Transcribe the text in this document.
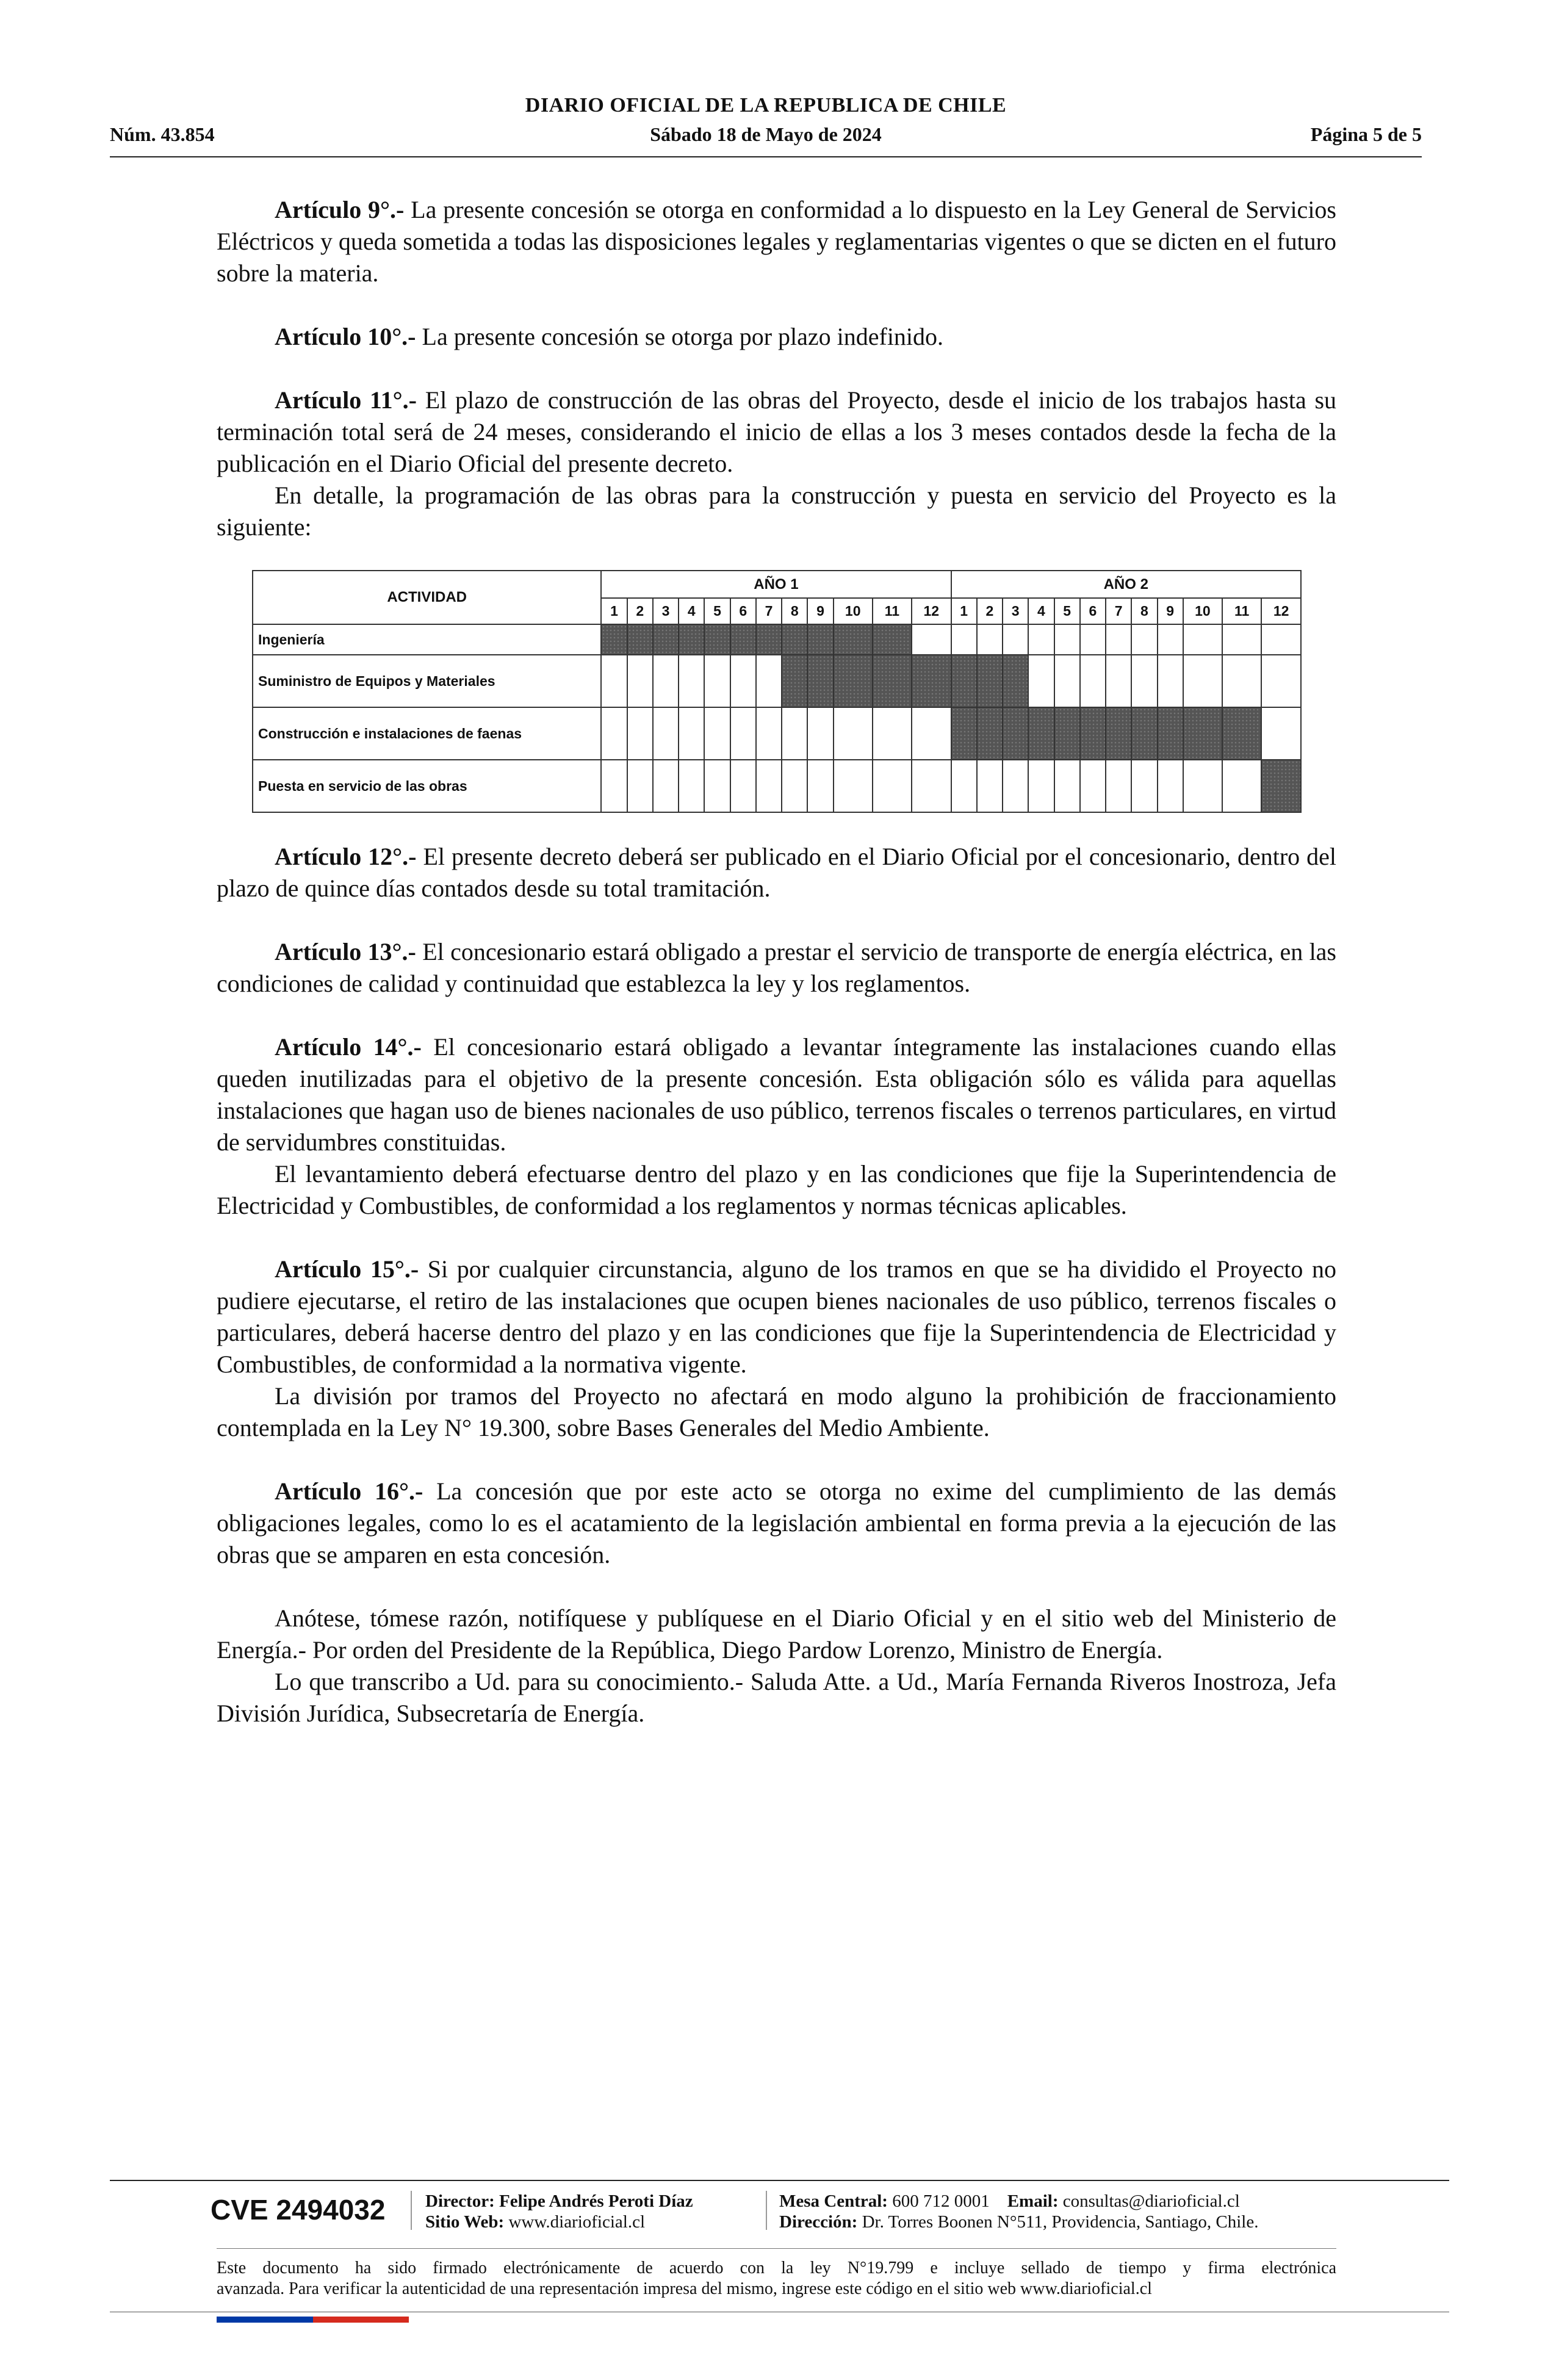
Núm. 43.854
DIARIO OFICIAL DE LA REPUBLICA DE CHILE
Sábado 18 de Mayo de 2024	Página 5 de 5

Artículo 9°.- La presente concesión se otorga en conformidad a lo dispuesto en la Ley General de Servicios Eléctricos y queda sometida a todas las disposiciones legales y reglamentarias vigentes o que se dicten en el futuro sobre la materia.

Artículo 10°.- La presente concesión se otorga por plazo indefinido.

Artículo 11°.- El plazo de construcción de las obras del Proyecto, desde el inicio de los trabajos hasta su terminación total será de 24 meses, considerando el inicio de ellas a los 3 meses contados desde la fecha de la publicación en el Diario Oficial del presente decreto.

En detalle, la programación de las obras para la construcción y puesta en servicio del Proyecto es la siguiente:

ACTIVIDAD	AÑO 1												AÑO 2											
	1	2	3	4	5	6	7	8	9	10	11	12	1	2	3	4	5	6	7	8	9	10	11	12
Ingeniería																								
Suministro de Equipos y Materiales																								
Construcción e instalaciones de faenas																								
Puesta en servicio de las obras																								

Artículo 12°.- El presente decreto deberá ser publicado en el Diario Oficial por el concesionario, dentro del plazo de quince días contados desde su total tramitación.

Artículo 13°.- El concesionario estará obligado a prestar el servicio de transporte de energía eléctrica, en las condiciones de calidad y continuidad que establezca la ley y los reglamentos.

Artículo 14°.- El concesionario estará obligado a levantar íntegramente las instalaciones cuando ellas queden inutilizadas para el objetivo de la presente concesión. Esta obligación sólo es válida para aquellas instalaciones que hagan uso de bienes nacionales de uso público, terrenos fiscales o terrenos particulares, en virtud de servidumbres constituidas.

El levantamiento deberá efectuarse dentro del plazo y en las condiciones que fije la Superintendencia de Electricidad y Combustibles, de conformidad a los reglamentos y normas técnicas aplicables.

Artículo 15°.- Si por cualquier circunstancia, alguno de los tramos en que se ha dividido el Proyecto no pudiere ejecutarse, el retiro de las instalaciones que ocupen bienes nacionales de uso público, terrenos fiscales o particulares, deberá hacerse dentro del plazo y en las condiciones que fije la Superintendencia de Electricidad y Combustibles, de conformidad a la normativa vigente.

La división por tramos del Proyecto no afectará en modo alguno la prohibición de fraccionamiento contemplada en la Ley N° 19.300, sobre Bases Generales del Medio Ambiente.

Artículo 16°.- La concesión que por este acto se otorga no exime del cumplimiento de las demás obligaciones legales, como lo es el acatamiento de la legislación ambiental en forma previa a la ejecución de las obras que se amparen en esta concesión.

Anótese, tómese razón, notifíquese y publíquese en el Diario Oficial y en el sitio web del Ministerio de Energía.- Por orden del Presidente de la República, Diego Pardow Lorenzo, Ministro de Energía.

Lo que transcribo a Ud. para su conocimiento.- Saluda Atte. a Ud., María Fernanda Riveros Inostroza, Jefa División Jurídica, Subsecretaría de Energía.

CVE 2494032 Director: Felipe Andrés Peroti Díaz
Sitio Web: www.diarioficial.cl
Mesa Central: 600 712 0001 Email: consultas@diarioficial.cl
Dirección: Dr. Torres Boonen N°511, Providencia, Santiago, Chile.
Este documento ha sido firmado electrónicamente de acuerdo con la ley N°19.799 e incluye sellado de tiempo y firma electrónica
avanzada. Para verificar la autenticidad de una representación impresa del mismo, ingrese este código en el sitio web www.diarioficial.cl
